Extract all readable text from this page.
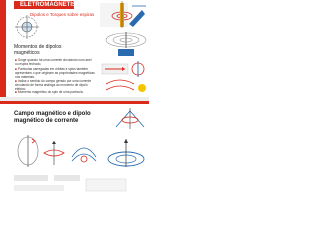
ELETROMAGNETISMO
Dipolos e Torques sobre espiras
Momentos de dipolos magnéticos
■Surge quando há uma corrente circulando num anel ou espira fechado.
■Partículas carregadas em órbitas e spins também apresentam o que originam as propriedades magnéticas nos materiais.
■Indica o sentido do campo gerado por uma corrente circulando de forma análoga ao momento de dipolo elétrico.
■Momento magnético do spin de uma partícula.
Campo magnético e dipolo magnético de corrente
